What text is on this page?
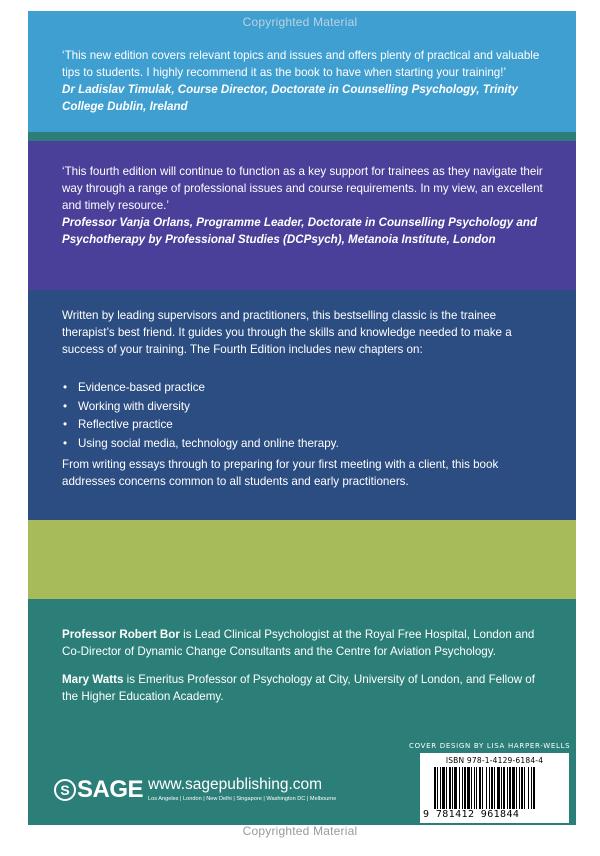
Copyrighted Material
‘This new edition covers relevant topics and issues and offers plenty of practical and valuable tips to students. I highly recommend it as the book to have when starting your training!’
Dr Ladislav Timulak, Course Director, Doctorate in Counselling Psychology, Trinity College Dublin, Ireland
‘This fourth edition will continue to function as a key support for trainees as they navigate their way through a range of professional issues and course requirements. In my view, an excellent and timely resource.’
Professor Vanja Orlans, Programme Leader, Doctorate in Counselling Psychology and Psychotherapy by Professional Studies (DCPsych), Metanoia Institute, London
Written by leading supervisors and practitioners, this bestselling classic is the trainee therapist’s best friend. It guides you through the skills and knowledge needed to make a success of your training. The Fourth Edition includes new chapters on:
• Evidence-based practice
• Working with diversity
• Reflective practice
• Using social media, technology and online therapy.
From writing essays through to preparing for your first meeting with a client, this book addresses concerns common to all students and early practitioners.
Professor Robert Bor is Lead Clinical Psychologist at the Royal Free Hospital, London and Co-Director of Dynamic Change Consultants and the Centre for Aviation Psychology.
Mary Watts is Emeritus Professor of Psychology at City, University of London, and Fellow of the Higher Education Academy.
COVER DESIGN BY LISA HARPER-WELLS
S SAGE www.sagepublishing.com
Los Angeles | London | New Delhi | Singapore | Washington DC | Melbourne
ISBN 978-1-4129-6184-4
9 781412 961844
Copyrighted Material
